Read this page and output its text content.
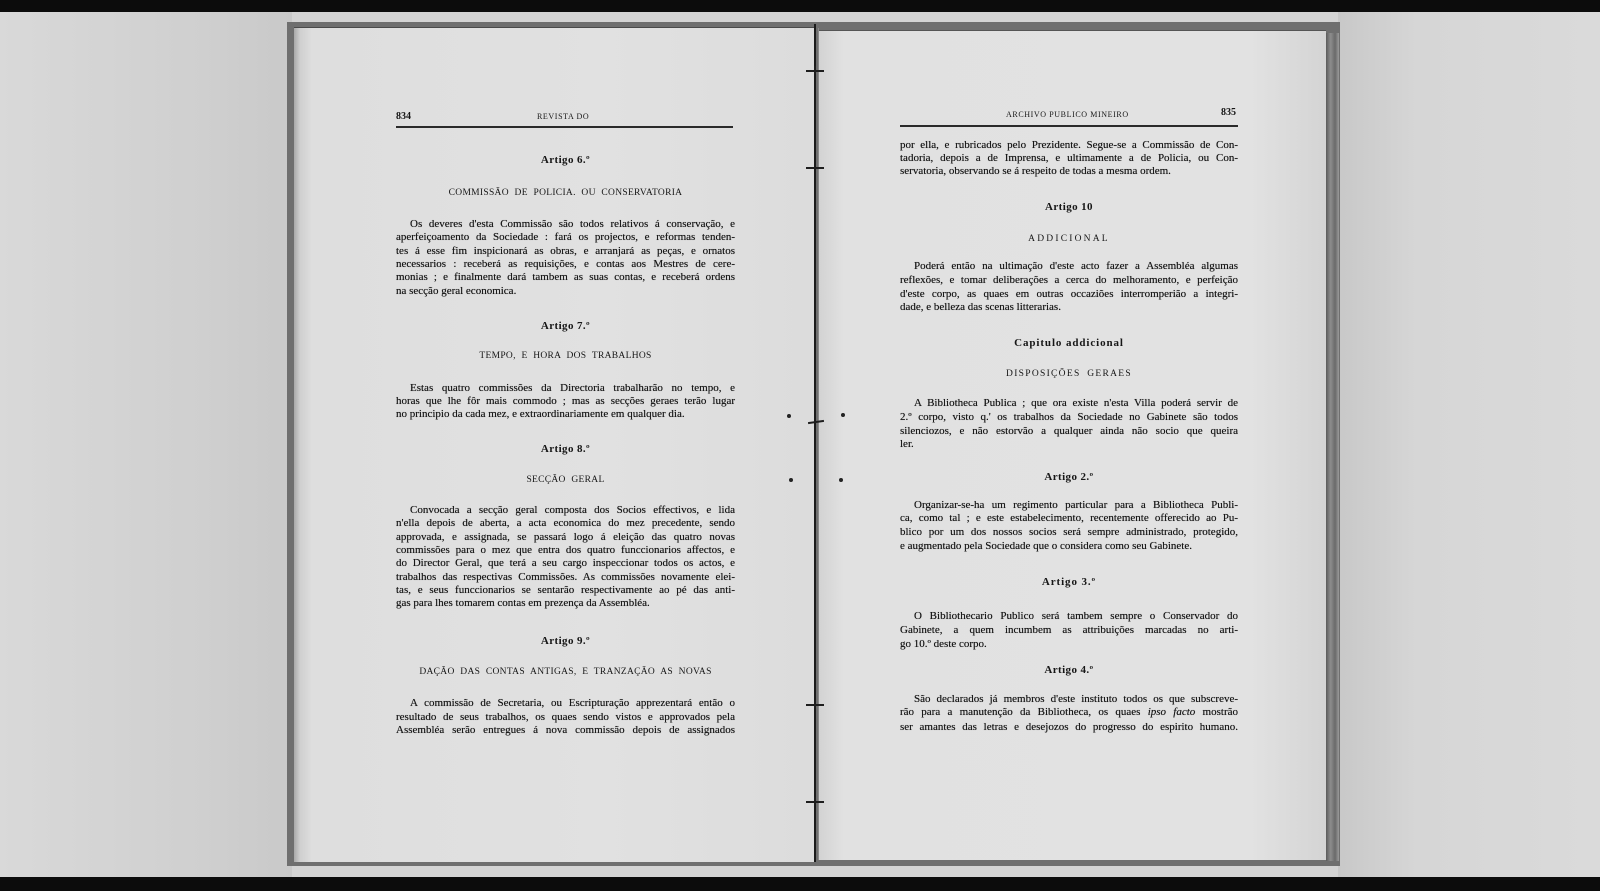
834	REVISTA DO
Artigo 6.º
COMMISSÃO DE POLICIA. OU CONSERVATORIA
Os deveres d'esta Commissão são todos relativos á conservação, e
aperfeiçoamento da Sociedade : fará os projectos, e reformas tenden-
tes á esse fim inspicionará as obras, e arranjará as peças, e ornatos
necessarios : receberá as requisições, e contas aos Mestres de cere-
monias ; e finalmente dará tambem as suas contas, e receberá ordens
na secção geral economica.
Artigo 7.º
TEMPO, E HORA DOS TRABALHOS
Estas quatro commissões da Directoria trabalharão no tempo, e
horas que lhe fôr mais commodo ; mas as secções geraes terão lugar
no principio da cada mez, e extraordinariamente em qualquer dia.
Artigo 8.º
SECÇÃO GERAL
Convocada a secção geral composta dos Socios effectivos, e lida
n'ella depois de aberta, a acta economica do mez precedente, sendo
approvada, e assignada, se passará logo á eleição das quatro novas
commissões para o mez que entra dos quatro funccionarios affectos, e
do Director Geral, que terá a seu cargo inspeccionar todos os actos, e
trabalhos das respectivas Commissões. As commissões novamente elei-
tas, e seus funccionarios se sentarão respectivamente ao pé das anti-
gas para lhes tomarem contas em prezença da Assembléa.
Artigo 9.º
DAÇÃO DAS CONTAS ANTIGAS, E TRANZAÇÃO AS NOVAS
A commissão de Secretaria, ou Escripturação apprezentará então o
resultado de seus trabalhos, os quaes sendo vistos e approvados pela
Assembléa serão entregues á nova commissão depois de assignados
ARCHIVO PUBLICO MINEIRO	835
por ella, e rubricados pelo Prezidente. Segue-se a Commissão de Con-
tadoria, depois a de Imprensa, e ultimamente a de Policia, ou Con-
servatoria, observando se á respeito de todas a mesma ordem.
Artigo 10
ADDICIONAL
Poderá então na ultimação d'este acto fazer a Assembléa algumas
reflexões, e tomar deliberações a cerca do melhoramento, e perfeição
d'este corpo, as quaes em outras occaziões interromperião a integri-
dade, e belleza das scenas litterarias.
Capitulo addicional
DISPOSIÇÕES GERAES
A Bibliotheca Publica ; que ora existe n'esta Villa poderá servir de
2.º corpo, visto q.' os trabalhos da Sociedade no Gabinete são todos
silenciozos, e não estorvão a qualquer ainda não socio que queira
ler.
Artigo 2.º
Organizar-se-ha um regimento particular para a Bibliotheca Publi-
ca, como tal ; e este estabelecimento, recentemente offerecido ao Pu-
blico por um dos nossos socios será sempre administrado, protegido,
e augmentado pela Sociedade que o considera como seu Gabinete.
Artigo 3.º
O Bibliothecario Publico será tambem sempre o Conservador do
Gabinete, a quem incumbem as attribuições marcadas no arti-
go 10.º deste corpo.
Artigo 4.º
São declarados já membros d'este instituto todos os que subscreve-
rão para a manutenção da Bibliotheca, os quaes ipso facto mostrão
ser amantes das letras e desejozos do progresso do espirito humano.
